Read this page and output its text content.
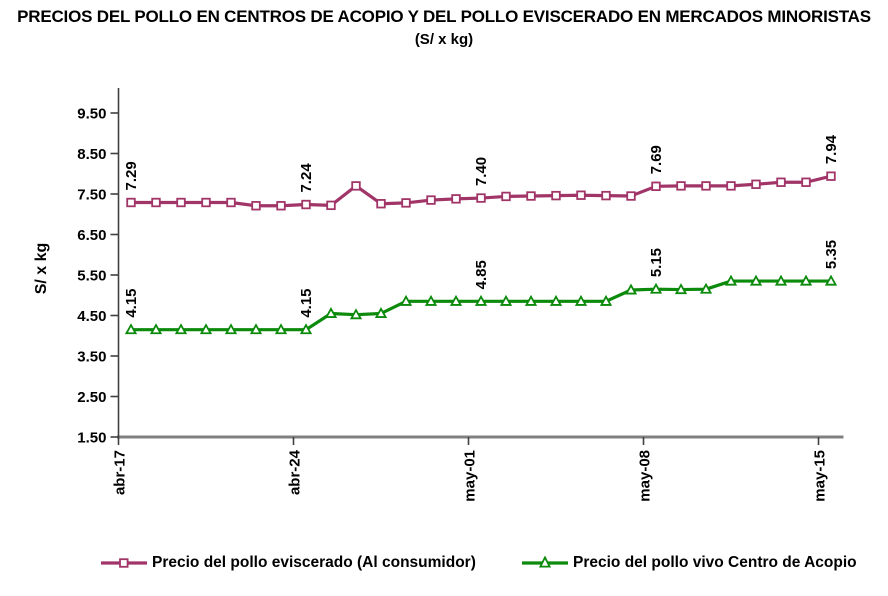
PRECIOS DEL POLLO EN CENTROS DE ACOPIO Y DEL POLLO EVISCERADO EN MERCADOS MINORISTAS
(S/ x kg)
9.50
8.50
7.50
6.50
5.50
4.50
3.50
2.50
1.50
abr-17	abr-24	may-01	may-08	may-15
S/ x kg
7.29	7.24	7.40	7.69	7.94
4.15	4.15
4.85	5.15	5.35
Precio del pollo eviscerado (Al consumidor)	Precio del pollo vivo Centro de Acopio
